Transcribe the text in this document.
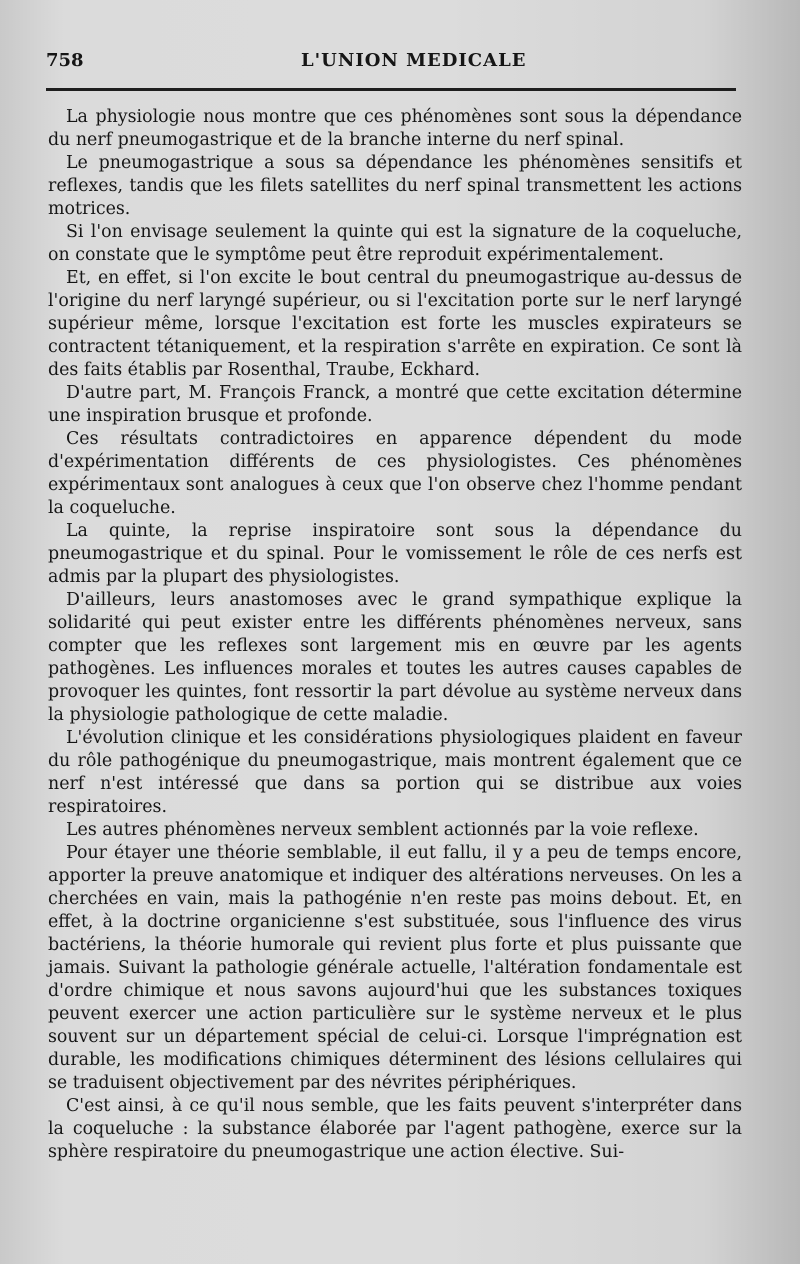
758	L'UNION MEDICALE

La physiologie nous montre que ces phénomènes sont sous la dépendance du nerf pneumogastrique et de la branche interne du nerf spinal.

Le pneumogastrique a sous sa dépendance les phénomènes sensitifs et reflexes, tandis que les filets satellites du nerf spinal transmettent les actions motrices.

Si l'on envisage seulement la quinte qui est la signature de la coqueluche, on constate que le symptôme peut être reproduit expérimentalement.

Et, en effet, si l'on excite le bout central du pneumogastrique au-dessus de l'origine du nerf laryngé supérieur, ou si l'excitation porte sur le nerf laryngé supérieur même, lorsque l'excitation est forte les muscles expirateurs se contractent tétaniquement, et la respiration s'arrête en expiration. Ce sont là des faits établis par Rosenthal, Traube, Eckhard.

D'autre part, M. François Franck, a montré que cette excitation détermine une inspiration brusque et profonde.

Ces résultats contradictoires en apparence dépendent du mode d'expérimentation différents de ces physiologistes. Ces phénomènes expérimentaux sont analogues à ceux que l'on observe chez l'homme pendant la coqueluche.

La quinte, la reprise inspiratoire sont sous la dépendance du pneumogastrique et du spinal. Pour le vomissement le rôle de ces nerfs est admis par la plupart des physiologistes.

D'ailleurs, leurs anastomoses avec le grand sympathique explique la solidarité qui peut exister entre les différents phénomènes nerveux, sans compter que les reflexes sont largement mis en œuvre par les agents pathogènes. Les influences morales et toutes les autres causes capables de provoquer les quintes, font ressortir la part dévolue au système nerveux dans la physiologie pathologique de cette maladie.

L'évolution clinique et les considérations physiologiques plaident en faveur du rôle pathogénique du pneumogastrique, mais montrent également que ce nerf n'est intéressé que dans sa portion qui se distribue aux voies respiratoires.

Les autres phénomènes nerveux semblent actionnés par la voie reflexe.

Pour étayer une théorie semblable, il eut fallu, il y a peu de temps encore, apporter la preuve anatomique et indiquer des altérations nerveuses. On les a cherchées en vain, mais la pathogénie n'en reste pas moins debout. Et, en effet, à la doctrine organicienne s'est substituée, sous l'influence des virus bactériens, la théorie humorale qui revient plus forte et plus puissante que jamais. Suivant la pathologie générale actuelle, l'altération fondamentale est d'ordre chimique et nous savons aujourd'hui que les substances toxiques peuvent exercer une action particulière sur le système nerveux et le plus souvent sur un département spécial de celui-ci. Lorsque l'imprégnation est durable, les modifications chimiques déterminent des lésions cellulaires qui se traduisent objectivement par des névrites périphériques.

C'est ainsi, à ce qu'il nous semble, que les faits peuvent s'interpréter dans la coqueluche : la substance élaborée par l'agent pathogène, exerce sur la sphère respiratoire du pneumogastrique une action élective. Sui-
